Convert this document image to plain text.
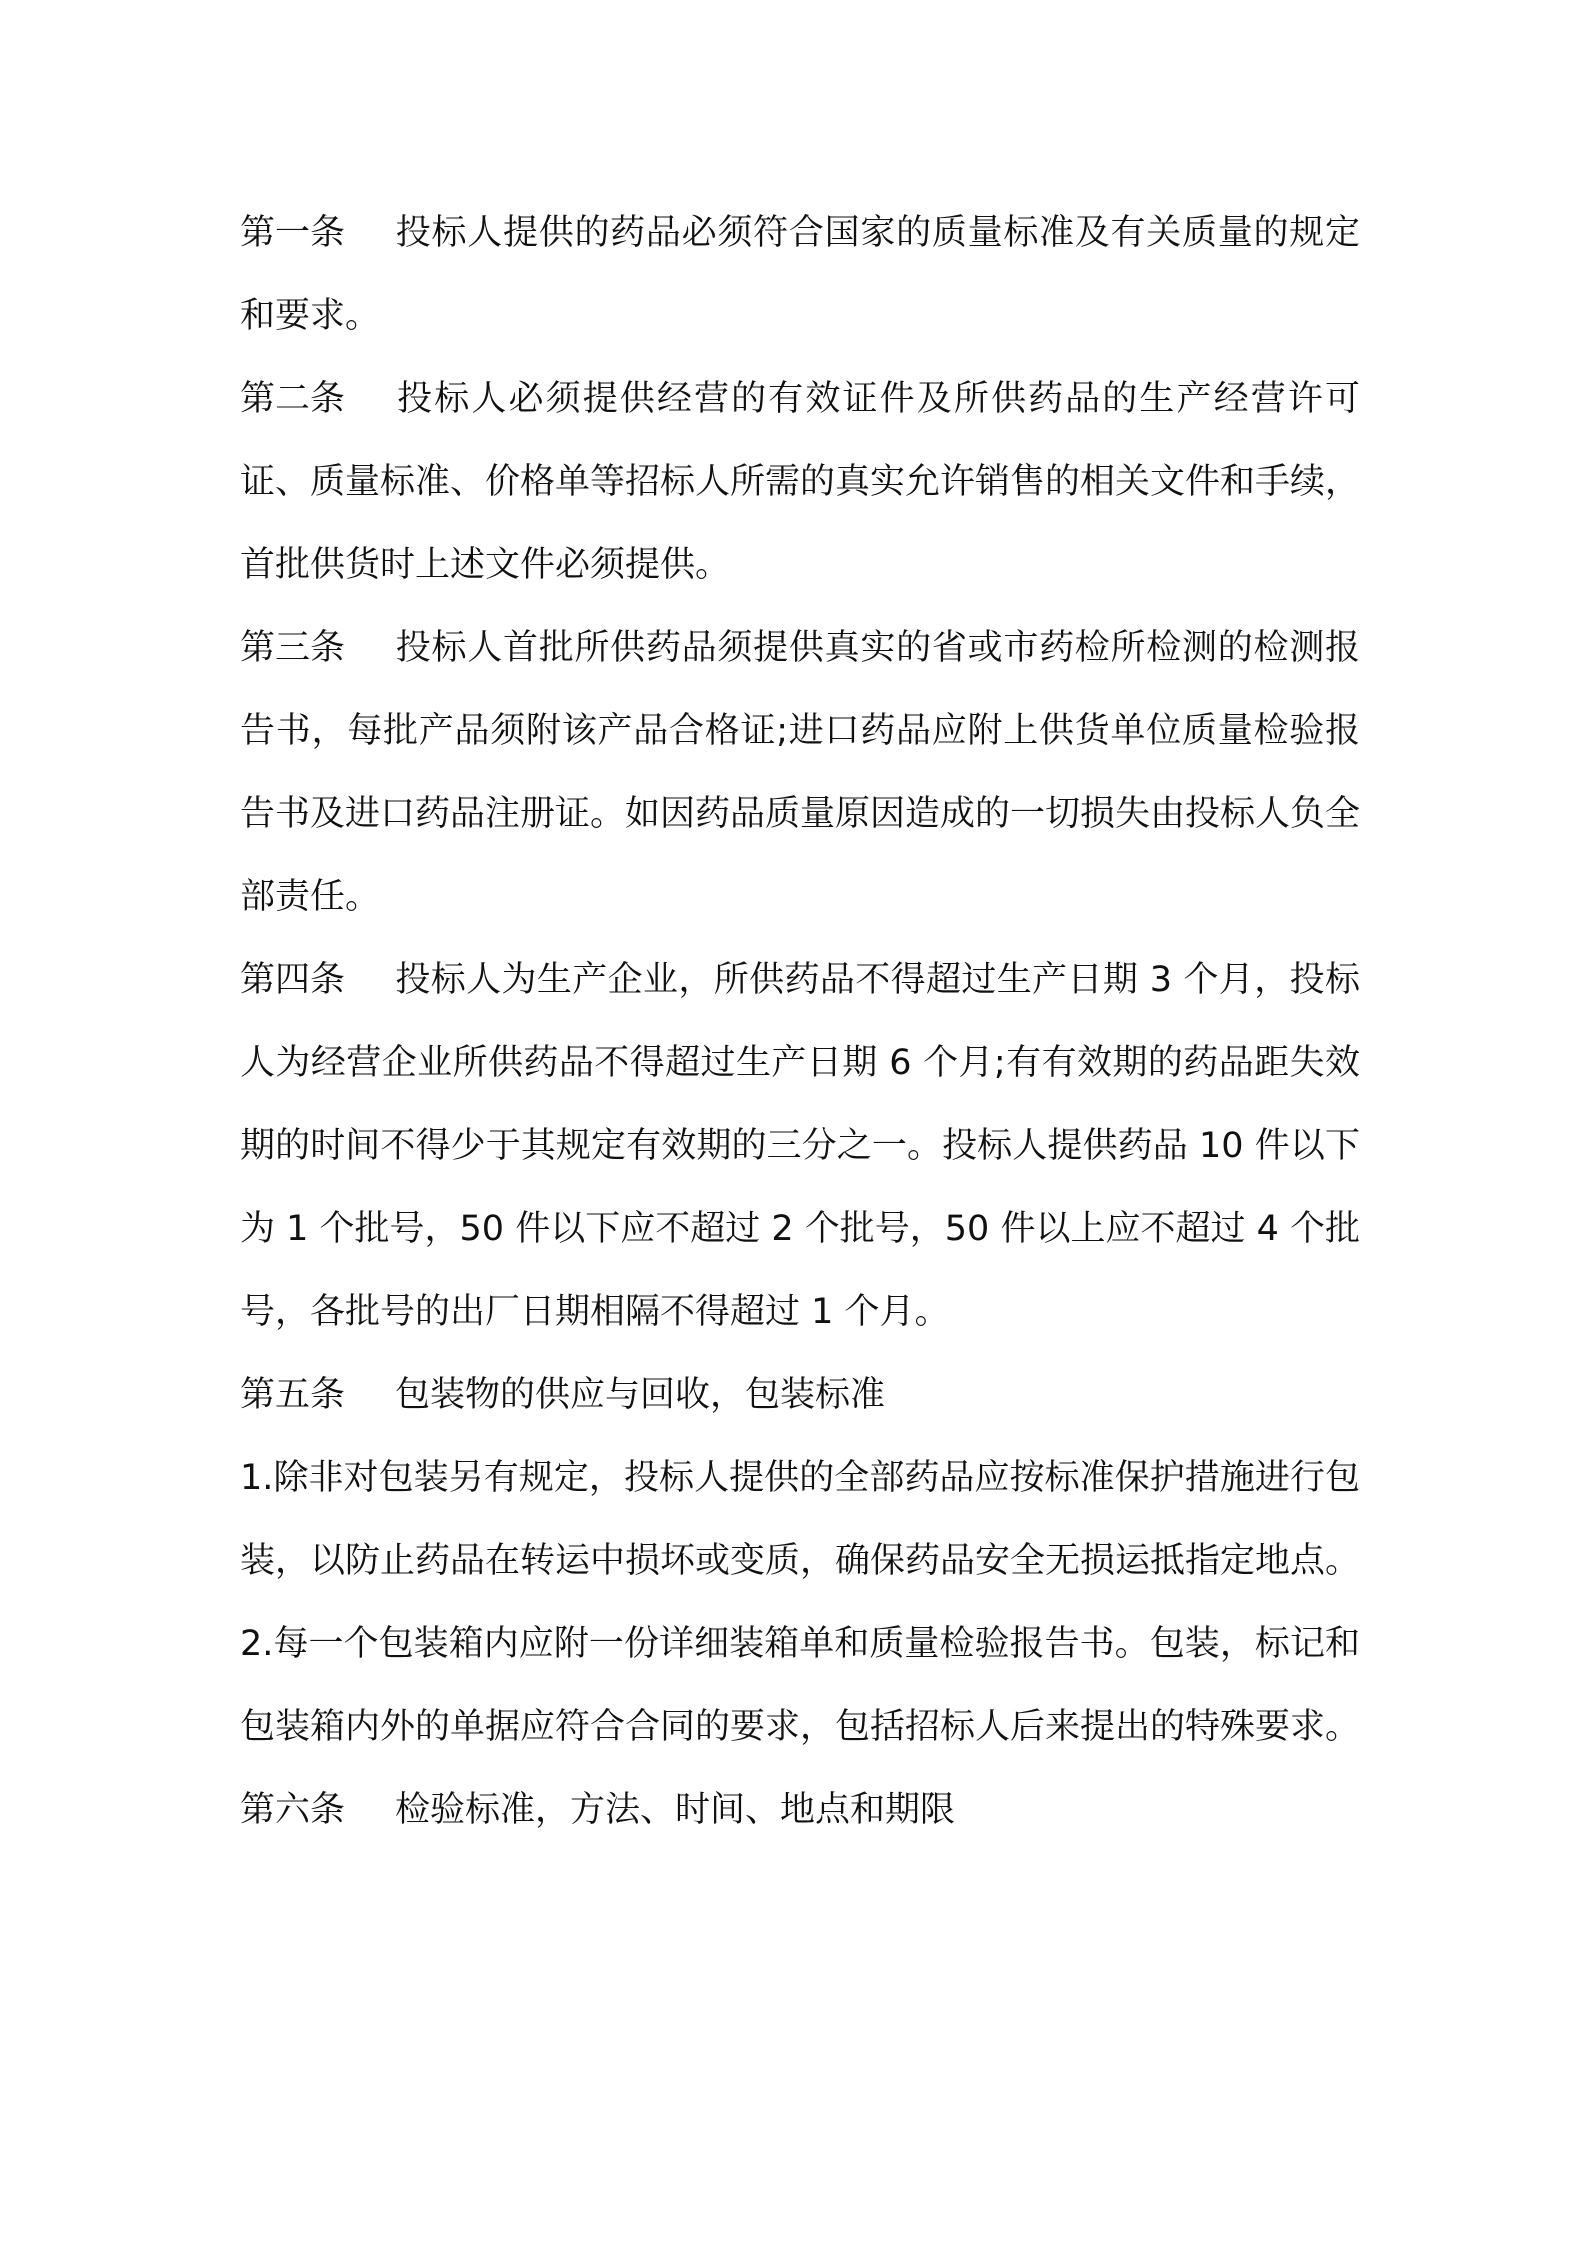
第一条 投标人提供的药品必须符合国家的质量标准及有关质量的规定和要求。

第二条 投标人必须提供经营的有效证件及所供药品的生产经营许可证、质量标准、价格单等招标人所需的真实允许销售的相关文件和手续，首批供货时上述文件必须提供。

第三条 投标人首批所供药品须提供真实的省或市药检所检测的检测报告书，每批产品须附该产品合格证;进口药品应附上供货单位质量检验报告书及进口药品注册证。如因药品质量原因造成的一切损失由投标人负全部责任。

第四条 投标人为生产企业，所供药品不得超过生产日期 3 个月，投标人为经营企业所供药品不得超过生产日期 6 个月;有有效期的药品距失效期的时间不得少于其规定有效期的三分之一。投标人提供药品 10 件以下为 1 个批号，50 件以下应不超过 2 个批号，50 件以上应不超过 4 个批号，各批号的出厂日期相隔不得超过 1 个月。

第五条 包装物的供应与回收，包装标准

1.除非对包装另有规定，投标人提供的全部药品应按标准保护措施进行包装，以防止药品在转运中损坏或变质，确保药品安全无损运抵指定地点。

2.每一个包装箱内应附一份详细装箱单和质量检验报告书。包装，标记和包装箱内外的单据应符合合同的要求，包括招标人后来提出的特殊要求。

第六条 检验标准，方法、时间、地点和期限
